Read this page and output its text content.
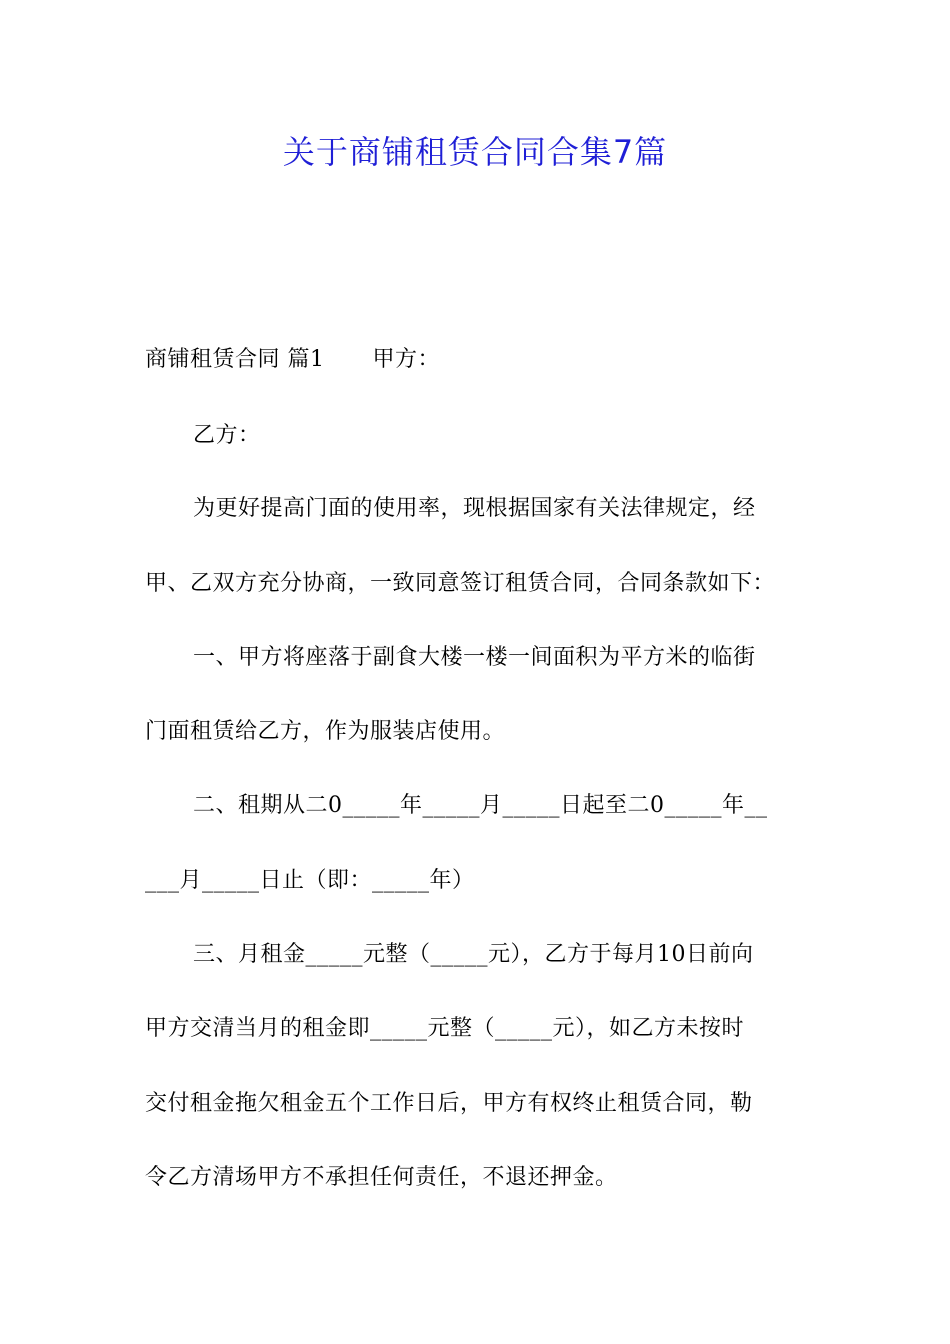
关于商铺租赁合同合集7篇
商铺租赁合同 篇1 甲方：
乙方：
为更好提高门面的使用率，现根据国家有关法律规定，经
甲、乙双方充分协商，一致同意签订租赁合同，合同条款如下：
一、甲方将座落于副食大楼一楼一间面积为平方米的临街
门面租赁给乙方，作为服装店使用。
二、租期从二0_____年_____月_____日起至二0_____年__
___月_____日止（即：_____年）
三、月租金_____元整（_____元），乙方于每月10日前向
甲方交清当月的租金即_____元整（_____元），如乙方未按时
交付租金拖欠租金五个工作日后，甲方有权终止租赁合同，勒
令乙方清场甲方不承担任何责任，不退还押金。
